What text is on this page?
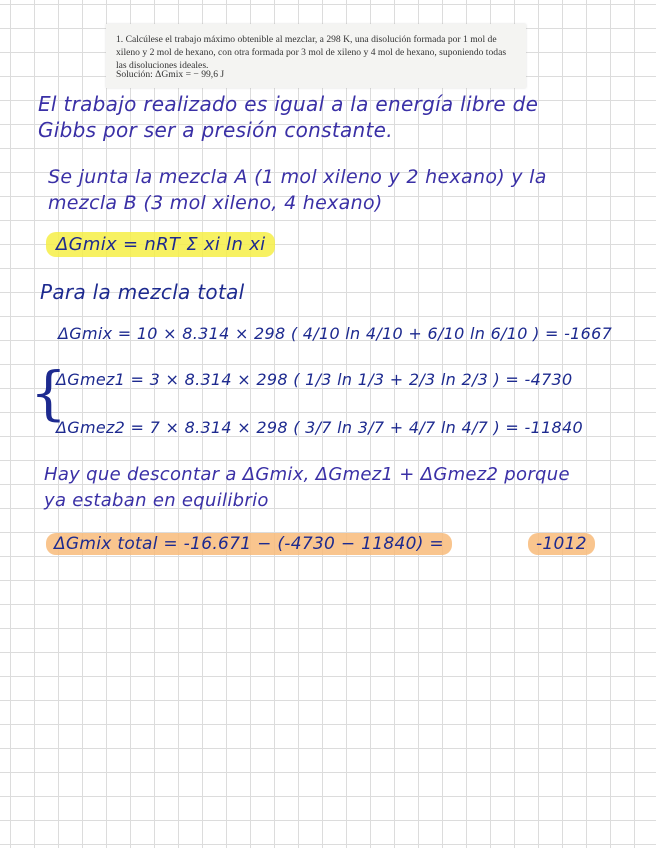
1. Calcúlese el trabajo máximo obtenible al mezclar, a 298 K, una disolución formada por 1 mol de xileno y 2 mol de hexano, con otra formada por 3 mol de xileno y 4 mol de hexano, suponiendo todas las disoluciones ideales.
Solución: ΔGmix = − 99,6 J
El trabajo realizado es igual a la energía libre de
Gibbs por ser a presión constante.
Se junta la mezcla A (1 mol xileno y 2 hexano) y la
mezcla B (3 mol xileno, 4 hexano)
ΔGmix = nRT Σ xi ln xi
Para la mezcla total
ΔGmix = 10 × 8.314 × 298 ( 4/10 ln 4/10 + 6/10 ln 6/10 ) = -1667
{
ΔGmez1 = 3 × 8.314 × 298 ( 1/3 ln 1/3 + 2/3 ln 2/3 ) = -4730
ΔGmez2 = 7 × 8.314 × 298 ( 3/7 ln 3/7 + 4/7 ln 4/7 ) = -11840
Hay que descontar a ΔGmix, ΔGmez1 + ΔGmez2 porque
ya estaban en equilibrio
ΔGmix total = -16.671 − (-4730 − 11840) =	-1012
